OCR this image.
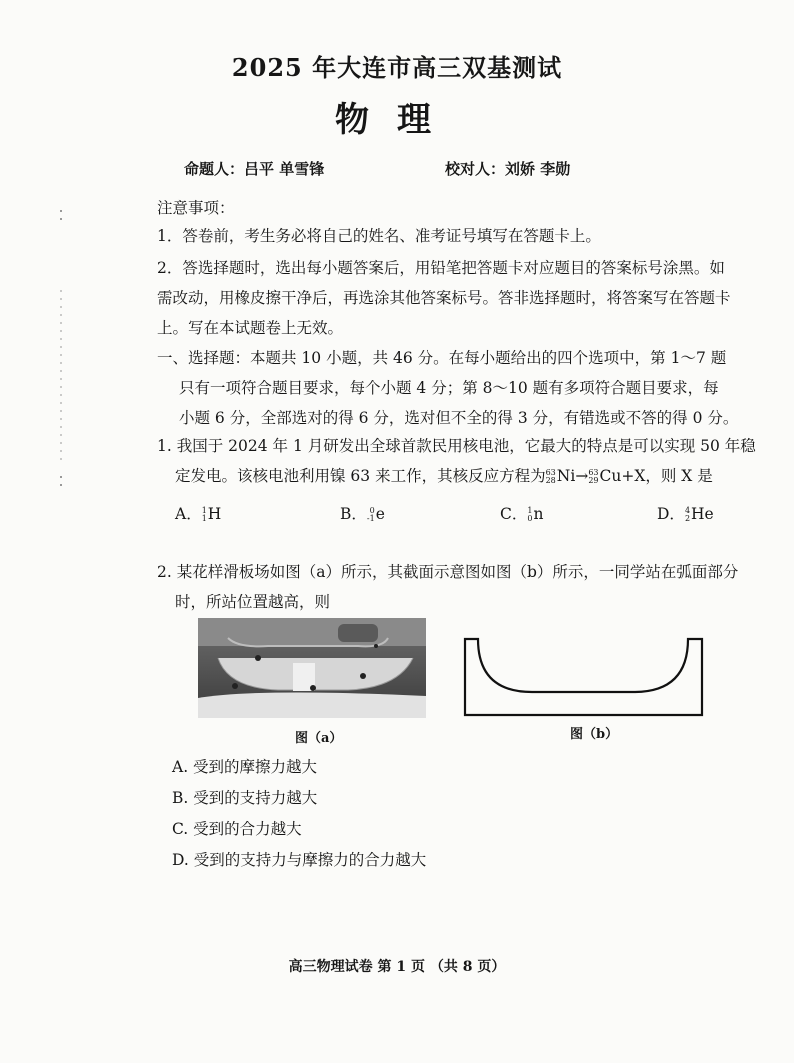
2025 年大连市高三双基测试
物理
命题人：吕平 单雪锋	校对人：刘娇 李勋
注意事项：
1．答卷前，考生务必将自己的姓名、准考证号填写在答题卡上。
2．答选择题时，选出每小题答案后，用铅笔把答题卡对应题目的答案标号涂黑。如
需改动，用橡皮擦干净后，再选涂其他答案标号。答非选择题时，将答案写在答题卡
上。写在本试题卷上无效。
一、选择题：本题共 10 小题，共 46 分。在每小题给出的四个选项中，第 1～7 题
只有一项符合题目要求，每个小题 4 分；第 8～10 题有多项符合题目要求，每
小题 6 分，全部选对的得 6 分，选对但不全的得 3 分，有错选或不答的得 0 分。
1. 我国于 2024 年 1 月研发出全球首款民用核电池，它最大的特点是可以实现 50 年稳
定发电。该核电池利用镍 63 来工作，其核反应方程为 63
28 Ni→ 63
29 Cu+X，则 X 是
A． 1
1 H	B． 0
-1 e	C． 1
0 n	D． 4
2 He
2. 某花样滑板场如图（a）所示，其截面示意图如图（b）所示，一同学站在弧面部分
时，所站位置越高，则
图（a）	图（b）
A. 受到的摩擦力越大
B. 受到的支持力越大
C. 受到的合力越大
D. 受到的支持力与摩擦力的合力越大
高三物理试卷 第 1 页 （共 8 页）
